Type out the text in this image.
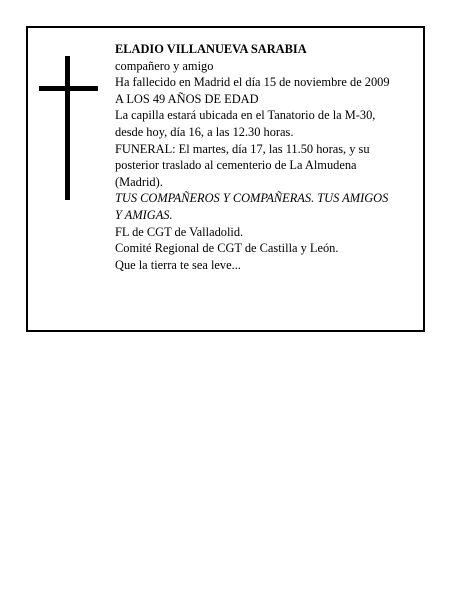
ELADIO VILLANUEVA SARABIA
compañero y amigo
Ha fallecido en Madrid el día 15 de noviembre de 2009
A LOS 49 AÑOS DE EDAD
La capilla estará ubicada en el Tanatorio de la M-30,
desde hoy, día 16, a las 12.30 horas.
FUNERAL: El martes, día 17, las 11.50 horas, y su
posterior traslado al cementerio de La Almudena
(Madrid).
TUS COMPAÑEROS Y COMPAÑERAS. TUS AMIGOS
Y AMIGAS.
FL de CGT de Valladolid.
Comité Regional de CGT de Castilla y León.
Que la tierra te sea leve...
